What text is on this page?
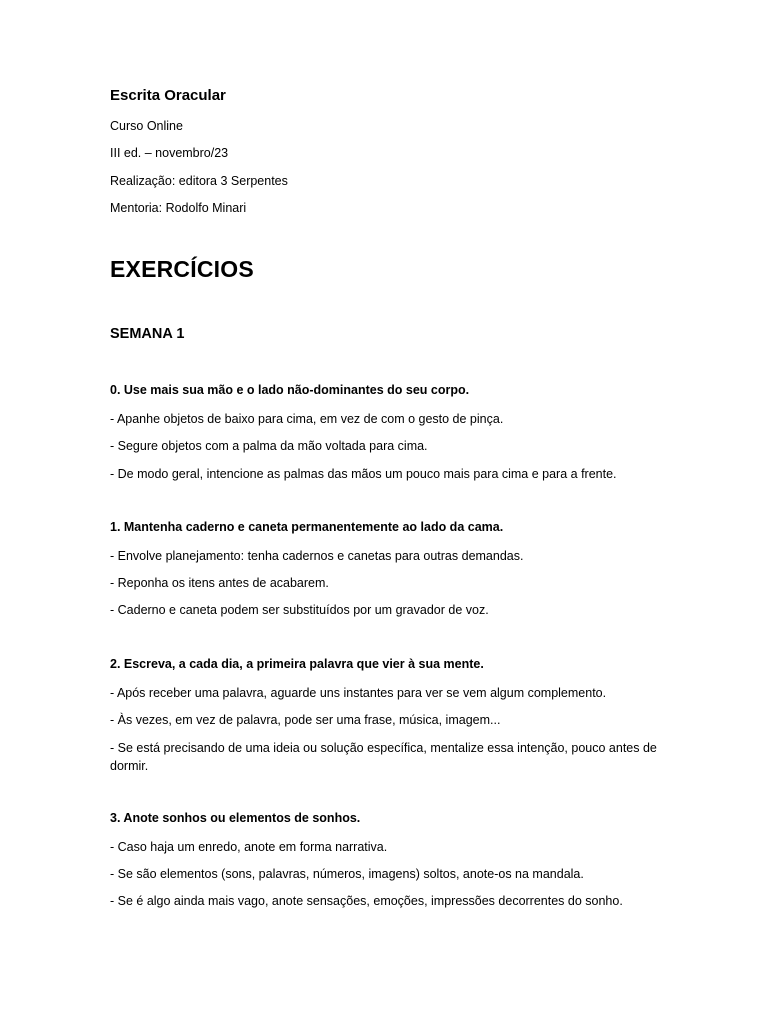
Escrita Oracular
Curso Online
III ed. – novembro/23
Realização: editora 3 Serpentes
Mentoria: Rodolfo Minari
EXERCÍCIOS
SEMANA 1
0. Use mais sua mão e o lado não-dominantes do seu corpo.
- Apanhe objetos de baixo para cima, em vez de com o gesto de pinça.
- Segure objetos com a palma da mão voltada para cima.
- De modo geral, intencione as palmas das mãos um pouco mais para cima e para a frente.
1. Mantenha caderno e caneta permanentemente ao lado da cama.
- Envolve planejamento: tenha cadernos e canetas para outras demandas.
- Reponha os itens antes de acabarem.
- Caderno e caneta podem ser substituídos por um gravador de voz.
2. Escreva, a cada dia, a primeira palavra que vier à sua mente.
- Após receber uma palavra, aguarde uns instantes para ver se vem algum complemento.
- Às vezes, em vez de palavra, pode ser uma frase, música, imagem...
- Se está precisando de uma ideia ou solução específica, mentalize essa intenção, pouco antes de dormir.
3. Anote sonhos ou elementos de sonhos.
- Caso haja um enredo, anote em forma narrativa.
- Se são elementos (sons, palavras, números, imagens) soltos, anote-os na mandala.
- Se é algo ainda mais vago, anote sensações, emoções, impressões decorrentes do sonho.
